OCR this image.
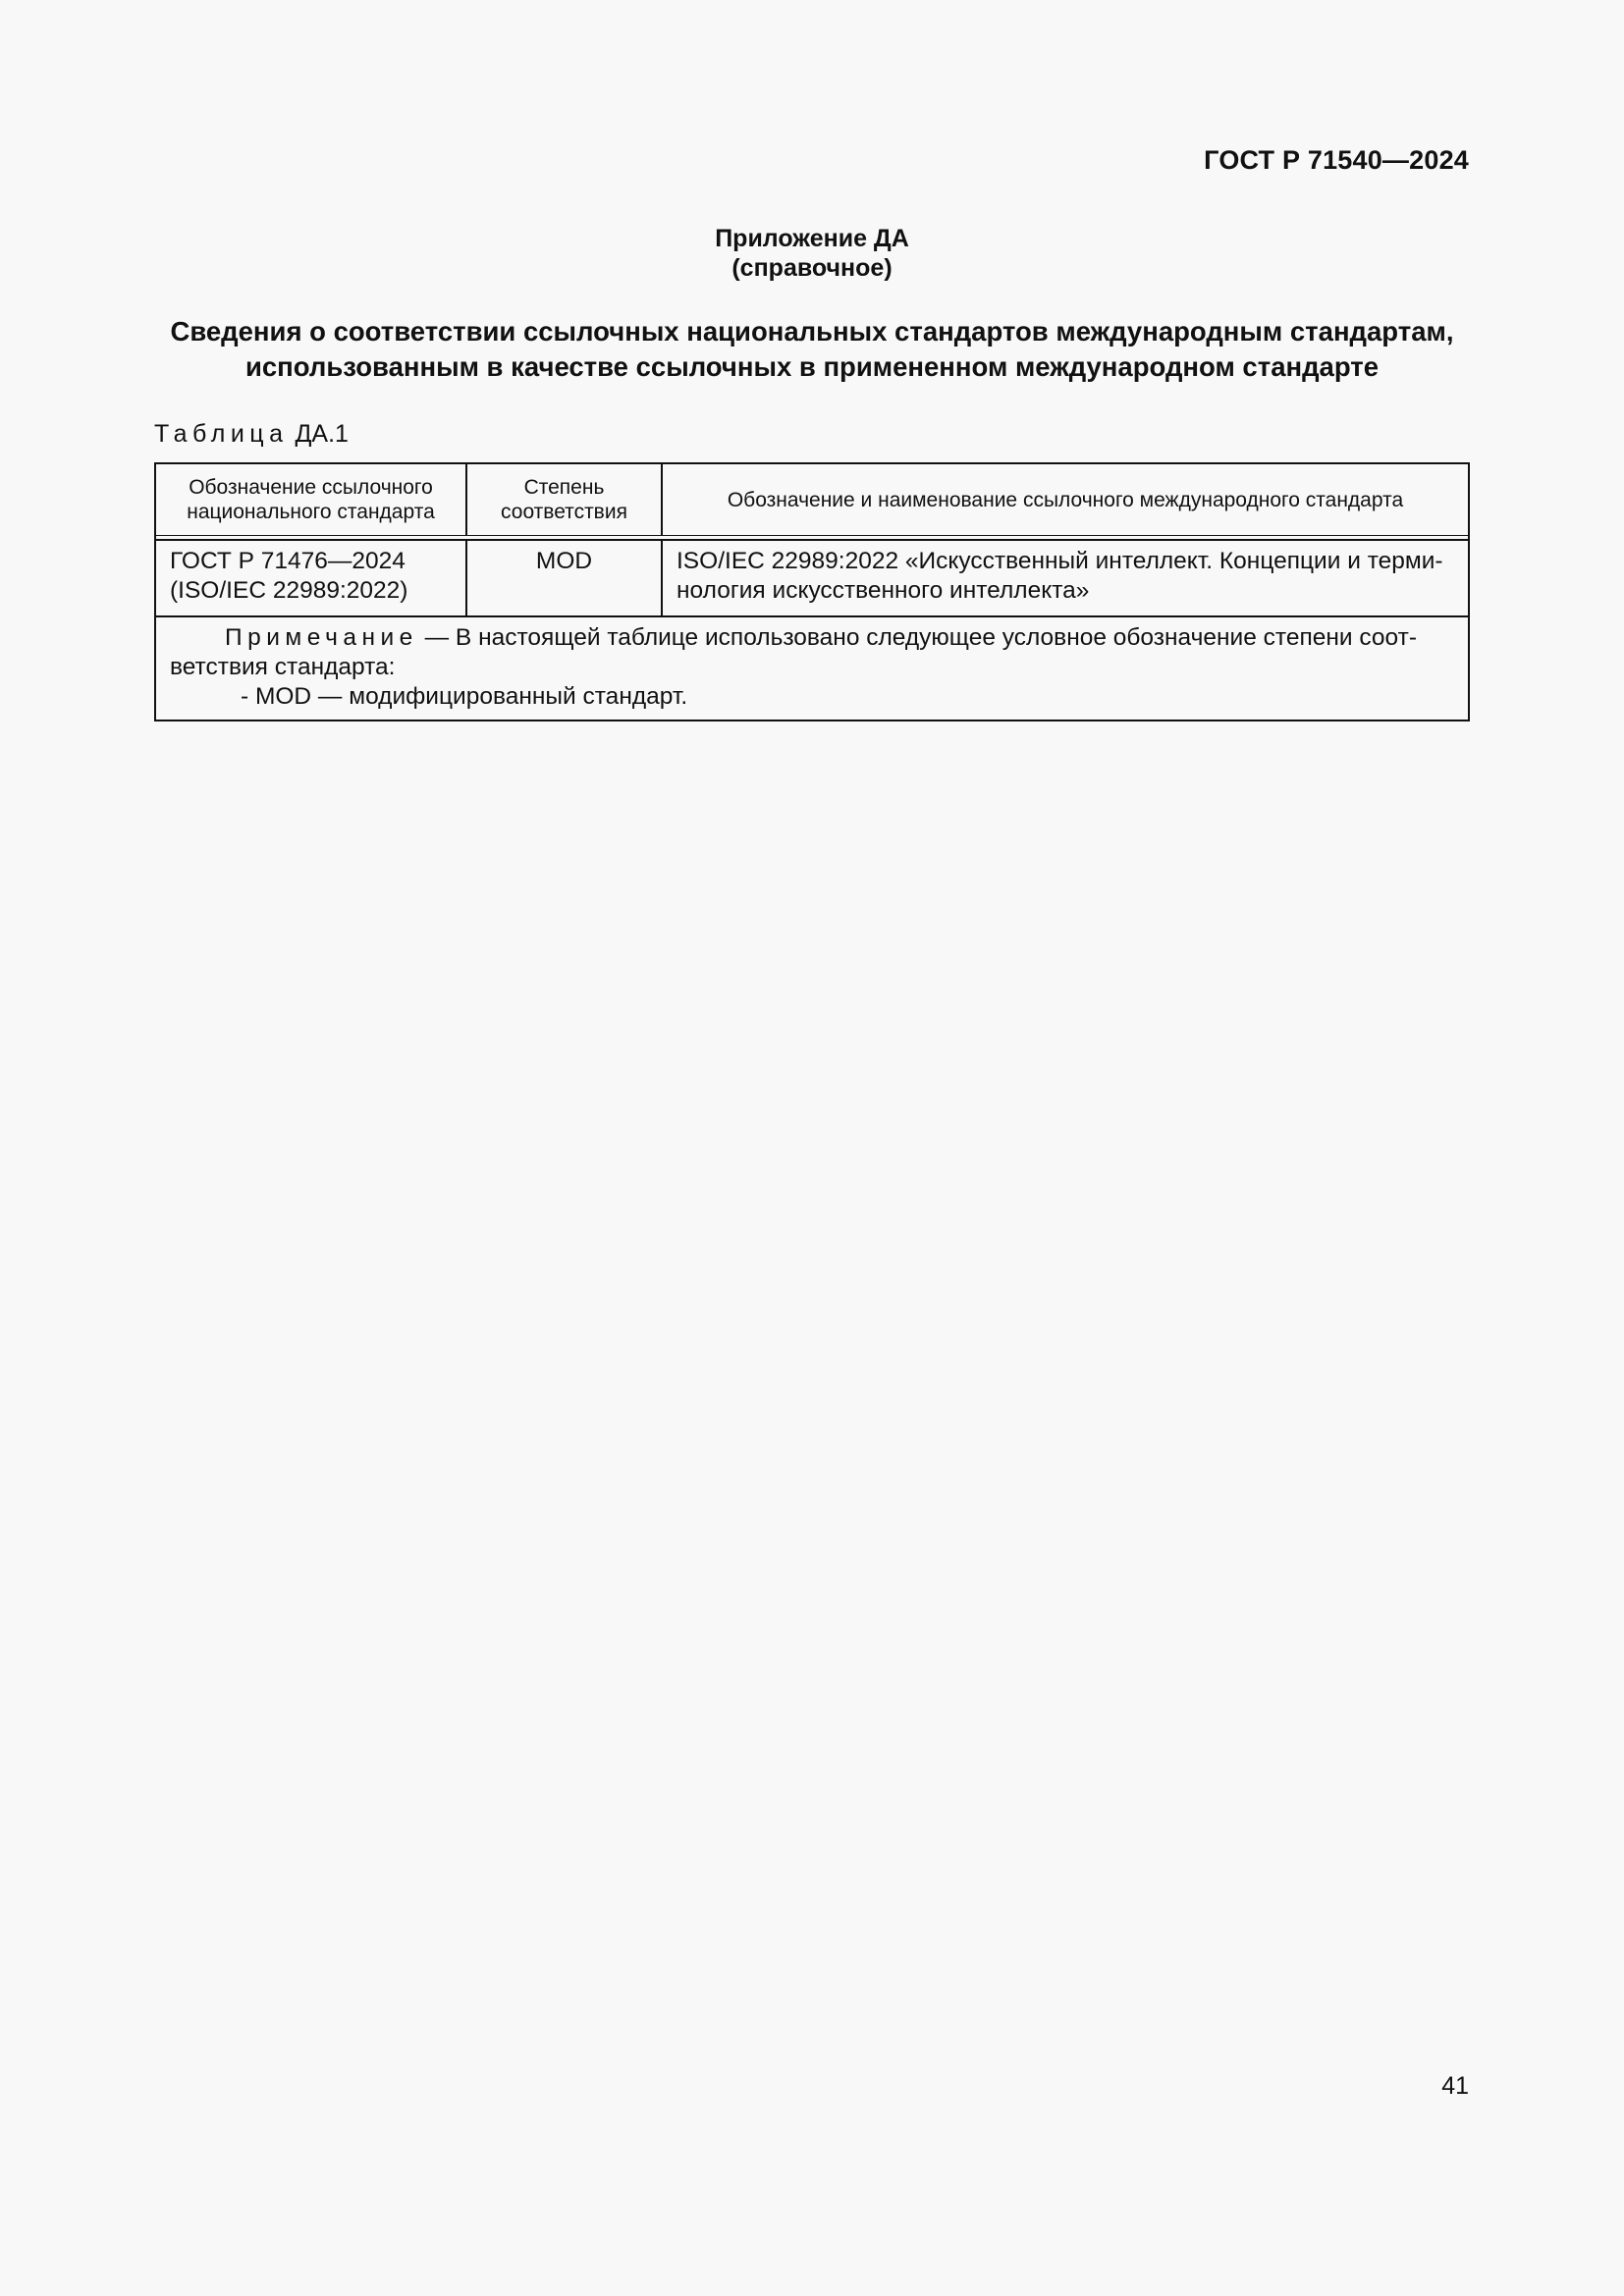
ГОСТ Р 71540—2024
Приложение ДА
(справочное)
Сведения о соответствии ссылочных национальных стандартов международным стандартам,
использованным в качестве ссылочных в примененном международном стандарте
Таблица ДА.1
Обозначение ссылочного
национального стандарта
Степень
соответствия
Обозначение и наименование ссылочного международного стандарта
ГОСТ Р 71476—2024
(ISO/IEC 22989:2022)
MOD	ISO/IEC 22989:2022 «Искусственный интеллект. Концепции и терми-
нология искусственного интеллекта»
Примечание — В настоящей таблице использовано следующее условное обозначение степени соот-
ветствия стандарта:
- MOD — модифицированный стандарт.
41
